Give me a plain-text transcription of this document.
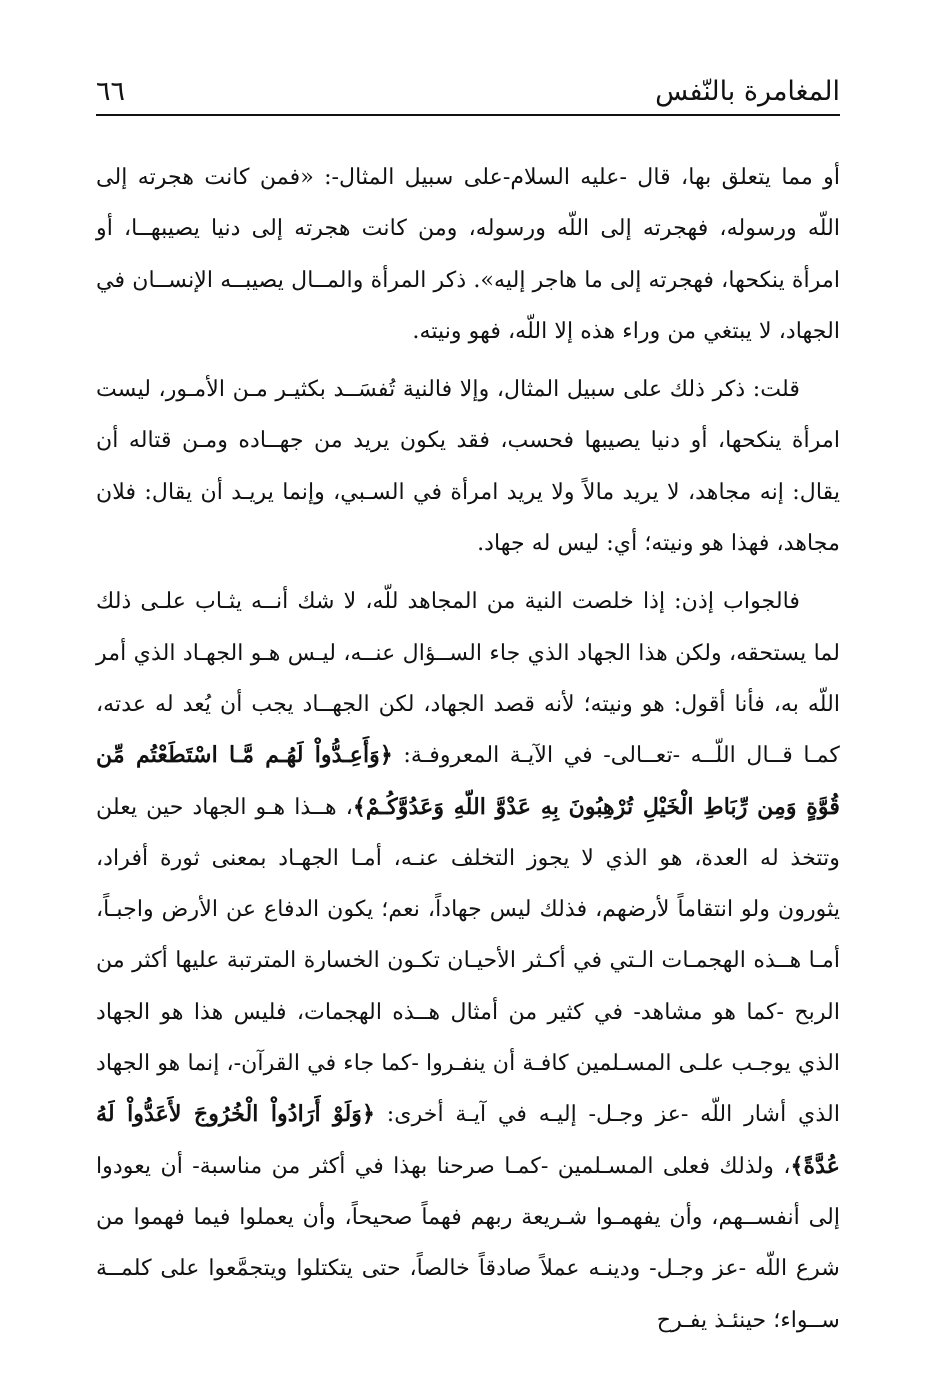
المغامرة بالنّفس
٦٦

أو مما يتعلق بها، قال -عليه السلام-على سبيل المثال-: «فمن كانت هجرته إلى اللّه ورسوله، فهجرته إلى اللّه ورسوله، ومن كانت هجرته إلى دنيا يصيبهــا، أو امرأة ينكحها، فهجرته إلى ما هاجر إليه». ذكر المرأة والمــال يصيبــه الإنســان في الجهاد، لا يبتغي من وراء هذه إلا اللّه، فهو ونيته.

قلت: ذكر ذلك على سبيل المثال، وإلا فالنية تُفسَــد بكثيـر مـن الأمـور، ليست امرأة ينكحها، أو دنيا يصيبها فحسب، فقد يكون يريد من جهــاده ومـن قتاله أن يقال: إنه مجاهد، لا يريد مالاً ولا يريد امرأة في السـبي، وإنما يريـد أن يقال: فلان مجاهد، فهذا هو ونيته؛ أي: ليس له جهاد.

فالجواب إذن: إذا خلصت النية من المجاهد للّه، لا شك أنــه يثـاب علـى ذلك لما يستحقه، ولكن هذا الجهاد الذي جاء الســؤال عنــه، ليـس هـو الجهـاد الذي أمر اللّه به، فأنا أقول: هو ونيته؛ لأنه قصد الجهاد، لكن الجهــاد يجب أن يُعد له عدته، كمـا قــال اللّــه -تعــالى- في الآيـة المعروفـة: ﴿وَأَعِـدُّواْ لَهُـم مَّـا اسْتَطَعْتُم مِّن قُوَّةٍ وَمِن رِّبَاطِ الْخَيْلِ تُرْهِبُونَ بِهِ عَدْوَّ اللّهِ وَعَدُوَّكُـمْ﴾، هــذا هـو الجهاد حين يعلن وتتخذ له العدة، هو الذي لا يجوز التخلف عنـه، أمـا الجهـاد بمعنى ثورة أفراد، يثورون ولو انتقاماً لأرضهم، فذلك ليس جهاداً، نعم؛ يكون الدفاع عن الأرض واجبـاً، أمـا هــذه الهجمـات الـتي في أكـثر الأحيـان تكـون الخسارة المترتبة عليها أكثر من الربح -كما هو مشاهد- في كثير من أمثال هــذه الهجمات، فليس هذا هو الجهاد الذي يوجـب علـى المسـلمين كافـة أن ينفـروا -كما جاء في القرآن-، إنما هو الجهاد الذي أشار اللّه -عز وجـل- إليـه في آيـة أخرى: ﴿وَلَوْ أَرَادُواْ الْخُرُوجَ لأَعَدُّواْ لَهُ عُدَّةً﴾، ولذلك فعلى المسـلمين -كمـا صرحنا بهذا في أكثر من مناسبة- أن يعودوا إلى أنفســهم، وأن يفهمـوا شـريعة ربهم فهماً صحيحاً، وأن يعملوا فيما فهموا من شرع اللّه -عز وجـل- ودينـه عملاً صادقاً خالصاً، حتى يتكتلوا ويتجمَّعوا على كلمــة ســواء؛ حينئـذ يفـرح
